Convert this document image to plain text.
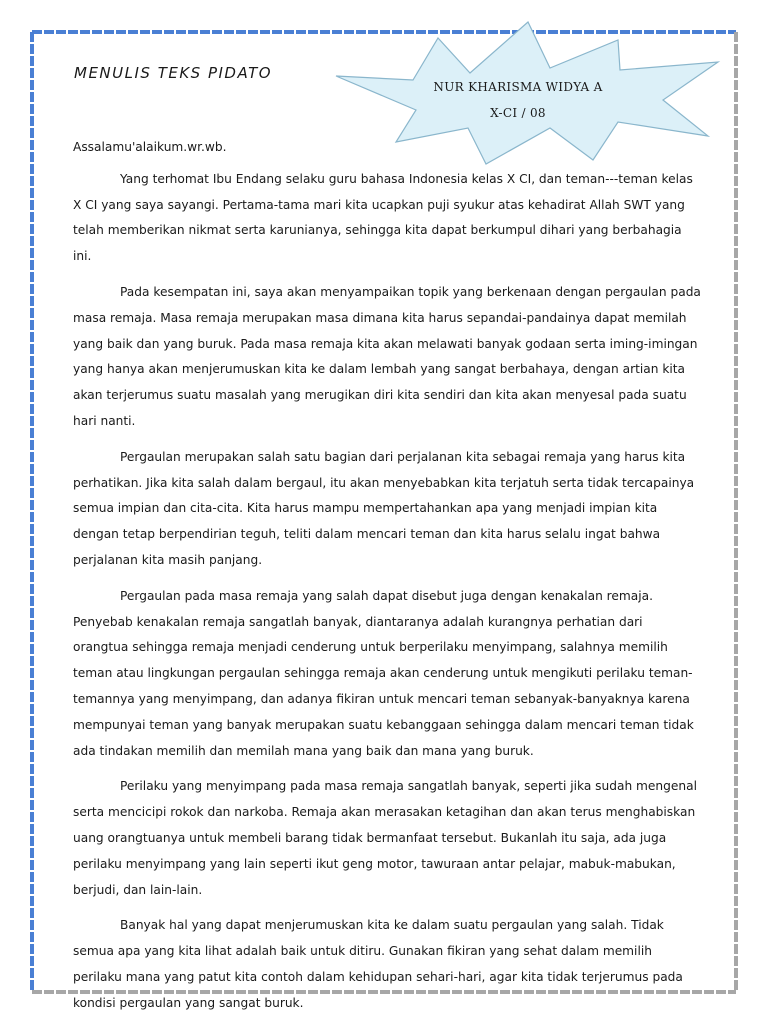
MENULIS TEKS PIDATO
NUR KHARISMA WIDYA A
X-CI / 08

Assalamu'alaikum.wr.wb.

Yang terhomat Ibu Endang selaku guru bahasa Indonesia kelas X CI, dan teman---teman kelas X CI yang saya sayangi. Pertama-tama mari kita ucapkan puji syukur atas kehadirat Allah SWT yang telah memberikan nikmat serta karunianya, sehingga kita dapat berkumpul dihari yang berbahagia ini.

Pada kesempatan ini, saya akan menyampaikan topik yang berkenaan dengan pergaulan pada masa remaja. Masa remaja merupakan masa dimana kita harus sepandai-pandainya dapat memilah yang baik dan yang buruk. Pada masa remaja kita akan melawati banyak godaan serta iming-imingan yang hanya akan menjerumuskan kita ke dalam lembah yang sangat berbahaya, dengan artian kita akan terjerumus suatu masalah yang merugikan diri kita sendiri dan kita akan menyesal pada suatu hari nanti.

Pergaulan merupakan salah satu bagian dari perjalanan kita sebagai remaja yang harus kita perhatikan. Jika kita salah dalam bergaul, itu akan menyebabkan kita terjatuh serta tidak tercapainya semua impian dan cita-cita. Kita harus mampu mempertahankan apa yang menjadi impian kita dengan tetap berpendirian teguh, teliti dalam mencari teman dan kita harus selalu ingat bahwa perjalanan kita masih panjang.

Pergaulan pada masa remaja yang salah dapat disebut juga dengan kenakalan remaja. Penyebab kenakalan remaja sangatlah banyak, diantaranya adalah kurangnya perhatian dari orangtua sehingga remaja menjadi cenderung untuk berperilaku menyimpang, salahnya memilih teman atau lingkungan pergaulan sehingga remaja akan cenderung untuk mengikuti perilaku teman-temannya yang menyimpang, dan adanya fikiran untuk mencari teman sebanyak-banyaknya karena mempunyai teman yang banyak merupakan suatu kebanggaan sehingga dalam mencari teman tidak ada tindakan memilih dan memilah mana yang baik dan mana yang buruk.

Perilaku yang menyimpang pada masa remaja sangatlah banyak, seperti jika sudah mengenal serta mencicipi rokok dan narkoba. Remaja akan merasakan ketagihan dan akan terus menghabiskan uang orangtuanya untuk membeli barang tidak bermanfaat tersebut. Bukanlah itu saja, ada juga perilaku menyimpang yang lain seperti ikut geng motor, tawuraan antar pelajar, mabuk-mabukan, berjudi, dan lain-lain.

Banyak hal yang dapat menjerumuskan kita ke dalam suatu pergaulan yang salah. Tidak semua apa yang kita lihat adalah baik untuk ditiru. Gunakan fikiran yang sehat dalam memilih perilaku mana yang patut kita contoh dalam kehidupan sehari-hari, agar kita tidak terjerumus pada kondisi pergaulan yang sangat buruk.
